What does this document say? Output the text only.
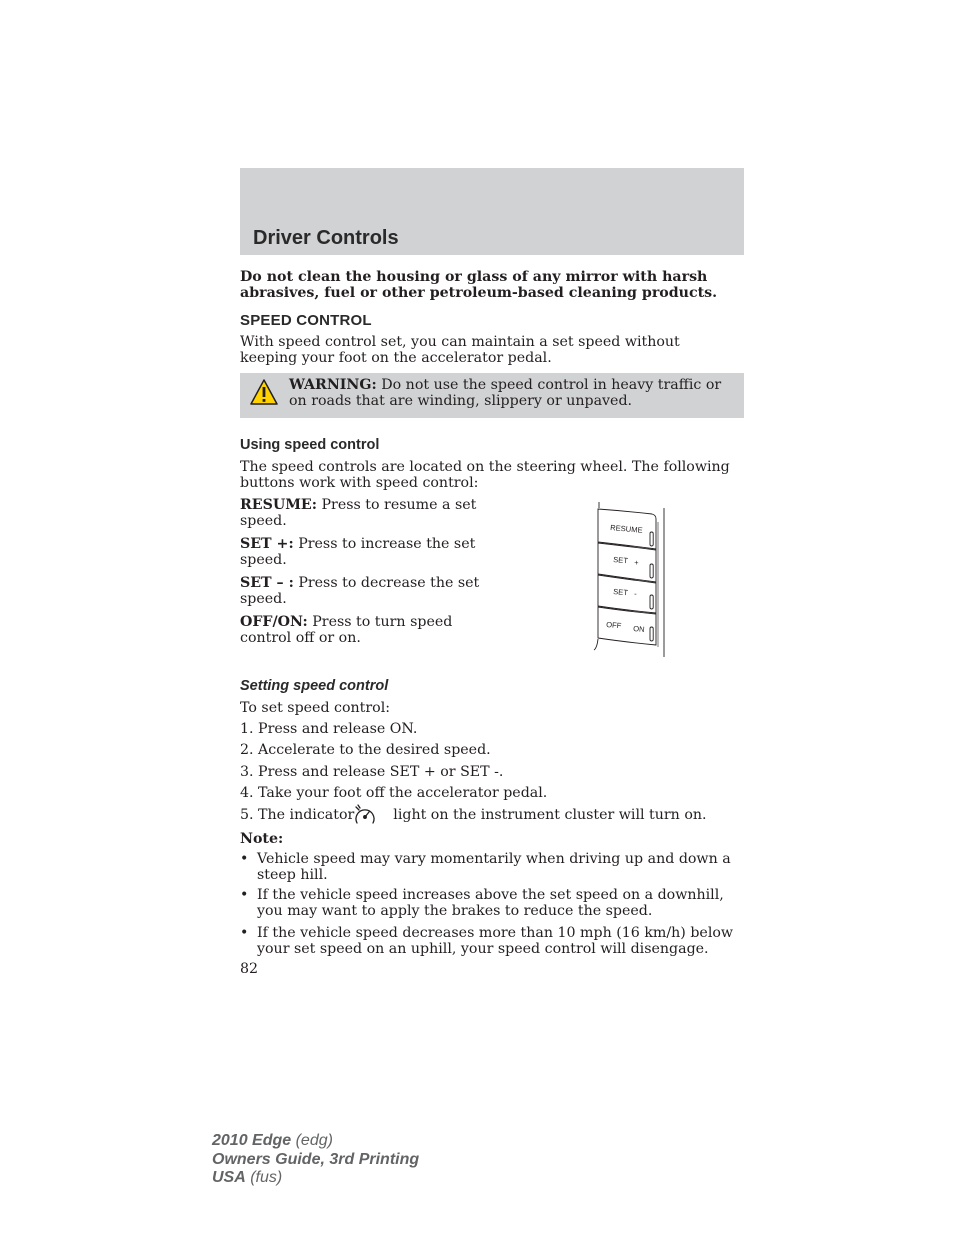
Driver Controls
Do not clean the housing or glass of any mirror with harsh abrasives, fuel or other petroleum-based cleaning products.
SPEED CONTROL
With speed control set, you can maintain a set speed without keeping your foot on the accelerator pedal.
WARNING: Do not use the speed control in heavy traffic or on roads that are winding, slippery or unpaved.
Using speed control
The speed controls are located on the steering wheel. The following buttons work with speed control:
RESUME: Press to resume a set speed.
SET +: Press to increase the set speed.
SET – : Press to decrease the set speed.
OFF/ON: Press to turn speed control off or on.
RESUME
SET +
SET -
OFF ON
Setting speed control
To set speed control:
1. Press and release ON.
2. Accelerate to the desired speed.
3. Press and release SET + or SET -.
4. Take your foot off the accelerator pedal.
5. The indicator	light on the instrument cluster will turn on.
Note:
• Vehicle speed may vary momentarily when driving up and down a steep hill.
• If the vehicle speed increases above the set speed on a downhill, you may want to apply the brakes to reduce the speed.
• If the vehicle speed decreases more than 10 mph (16 km/h) below your set speed on an uphill, your speed control will disengage.
82
2010 Edge (edg)
Owners Guide, 3rd Printing
USA (fus)
